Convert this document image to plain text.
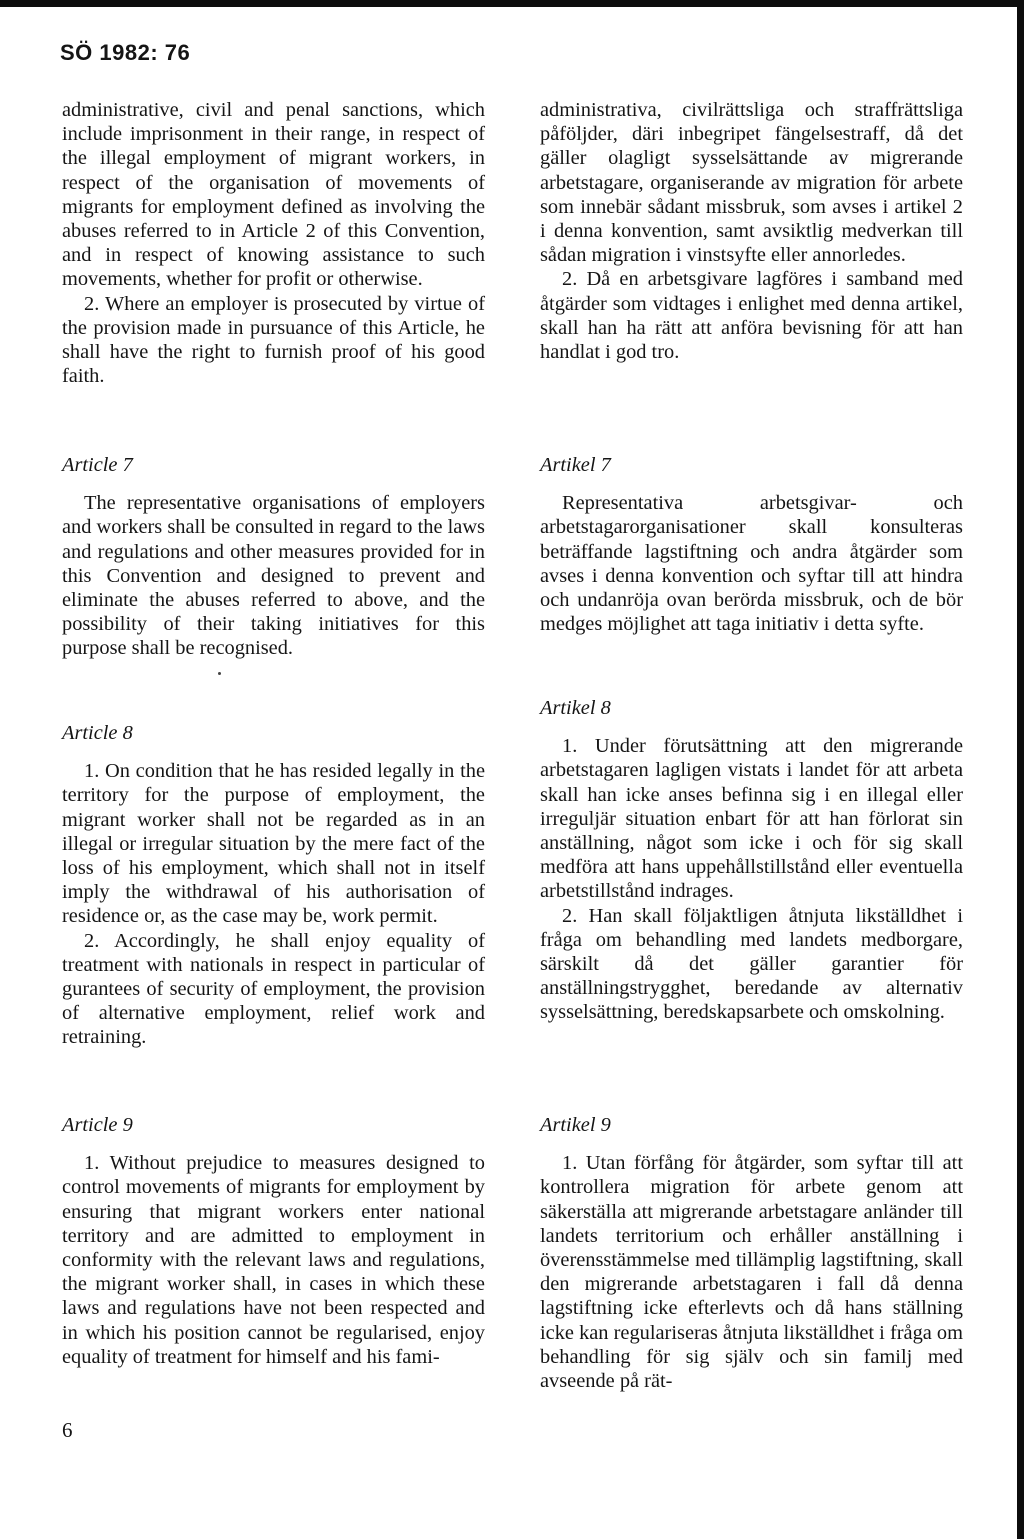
SÖ 1982: 76

administrative, civil and penal sanctions, which include imprisonment in their range, in respect of the illegal employment of migrant workers, in respect of the organisation of movements of migrants for employment defined as involving the abuses referred to in Article 2 of this Convention, and in respect of knowing assistance to such movements, whether for profit or otherwise.

2. Where an employer is prosecuted by virtue of the provision made in pursuance of this Article, he shall have the right to furnish proof of his good faith.

Article 7

The representative organisations of employers and workers shall be consulted in regard to the laws and regulations and other measures provided for in this Convention and designed to prevent and eliminate the abuses referred to above, and the possibility of their taking initiatives for this purpose shall be recognised.

Article 8

1. On condition that he has resided legally in the territory for the purpose of employment, the migrant worker shall not be regarded as in an illegal or irregular situation by the mere fact of the loss of his employment, which shall not in itself imply the withdrawal of his authorisation of residence or, as the case may be, work permit.

2. Accordingly, he shall enjoy equality of treatment with nationals in respect in particular of gurantees of security of employment, the provision of alternative employment, relief work and retraining.

Article 9

1. Without prejudice to measures designed to control movements of migrants for employment by ensuring that migrant workers enter national territory and are admitted to employment in conformity with the relevant laws and regulations, the migrant worker shall, in cases in which these laws and regulations have not been respected and in which his position cannot be regularised, enjoy equality of treatment for himself and his fami-

administrativa, civilrättsliga och straffrättsliga påföljder, däri inbegripet fängelsestraff, då det gäller olagligt sysselsättande av migrerande arbetstagare, organiserande av migration för arbete som innebär sådant missbruk, som avses i artikel 2 i denna konvention, samt avsiktlig medverkan till sådan migration i vinstsyfte eller annorledes.

2. Då en arbetsgivare lagföres i samband med åtgärder som vidtages i enlighet med denna artikel, skall han ha rätt att anföra bevisning för att han handlat i god tro.

Artikel 7

Representativa arbetsgivar- och arbetstagarorganisationer skall konsulteras beträffande lagstiftning och andra åtgärder som avses i denna konvention och syftar till att hindra och undanröja ovan berörda missbruk, och de bör medges möjlighet att taga initiativ i detta syfte.

Artikel 8

1. Under förutsättning att den migrerande arbetstagaren lagligen vistats i landet för att arbeta skall han icke anses befinna sig i en illegal eller irreguljär situation enbart för att han förlorat sin anställning, något som icke i och för sig skall medföra att hans uppehållstillstånd eller eventuella arbetstillstånd indrages.

2. Han skall följaktligen åtnjuta likställdhet i fråga om behandling med landets medborgare, särskilt då det gäller garantier för anställningstrygghet, beredande av alternativ sysselsättning, beredskapsarbete och omskolning.

Artikel 9

1. Utan förfång för åtgärder, som syftar till att kontrollera migration för arbete genom att säkerställa att migrerande arbetstagare anländer till landets territorium och erhåller anställning i överensstämmelse med tillämplig lagstiftning, skall den migrerande arbetstagaren i fall då denna lagstiftning icke efterlevts och då hans ställning icke kan regulariseras åtnjuta likställdhet i fråga om behandling för sig själv och sin familj med avseende på rät-

6
